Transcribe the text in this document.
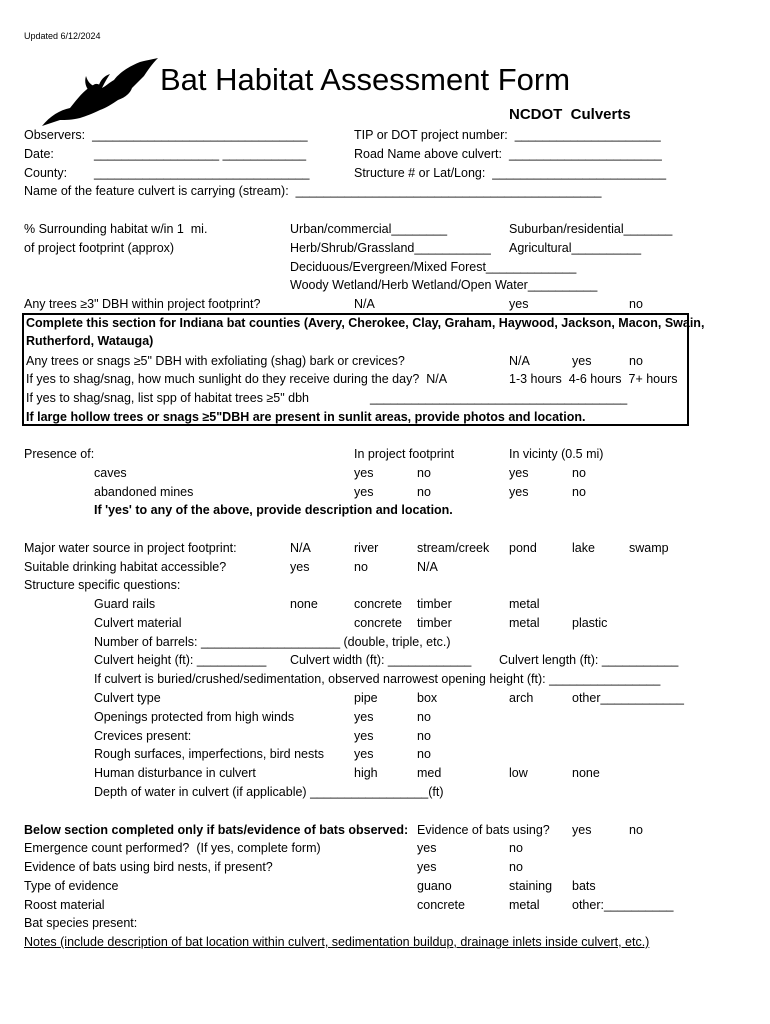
Updated 6/12/2024
Bat Habitat Assessment Form
NCDOT  Culverts
Observers:  _______________________________	TIP or DOT project number:  _____________________
Date:	__________________ ____________	Road Name above culvert:  ______________________
County: _______________________________	Structure # or Lat/Long:  _________________________
Name of the feature culvert is carrying (stream):  ____________________________________________
% Surrounding habitat w/in 1  mi.
of project footprint (approx)
Urban/commercial________	Suburban/residential_______
Herb/Shrub/Grassland___________ Agricultural__________
Deciduous/Evergreen/Mixed Forest_____________
Woody Wetland/Herb Wetland/Open Water__________
Any trees ≥3" DBH within project footprint?	N/A	yes	no
Complete this section for Indiana bat counties (Avery, Cherokee, Clay, Graham, Haywood, Jackson, Macon, Swain,
Rutherford, Watauga)
Any trees or snags ≥5" DBH with exfoliating (shag) bark or crevices?	N/A	yes	no
If yes to shag/snag, how much sunlight do they receive during the day?  N/A	1-3 hours  4-6 hours  7+ hours
If yes to shag/snag, list spp of habitat trees ≥5" dbh	_____________________________________
If large hollow trees or snags ≥5"DBH are present in sunlit areas, provide photos and location.
Presence of:	In project footprint	In vicinty (0.5 mi)
caves	yes	no	yes	no
abandoned mines	yes	no	yes	no
If 'yes' to any of the above, provide description and location.
Major water source in project footprint:	N/A	river	stream/creek pond	lake	swamp
Suitable drinking habitat accessible?	yes	no	N/A
Structure specific questions:
Guard rails	none	concrete timber	metal
Culvert material	concrete timber	metal	plastic
Number of barrels: ____________________ (double, triple, etc.)
Culvert height (ft): __________ Culvert width (ft): ____________ Culvert length (ft): ___________
If culvert is buried/crushed/sedimentation, observed narrowest opening height (ft): ________________
Culvert type	pipe	box	arch	other____________
Openings protected from high winds	yes	no
Crevices present:	yes	no
Rough surfaces, imperfections, bird nests yes	no
Human disturbance in culvert	high	med	low	none
Depth of water in culvert (if applicable) _________________(ft)
Below section completed only if bats/evidence of bats observed: Evidence of bats using? yes	no
Emergence count performed?  (If yes, complete form)	yes	no
Evidence of bats using bird nests, if present?	yes	no
Type of evidence	guano	staining bats
Roost material	concrete	metal	other:__________
Bat species present:
Notes (include description of bat location within culvert, sedimentation buildup, drainage inlets inside culvert, etc.)
